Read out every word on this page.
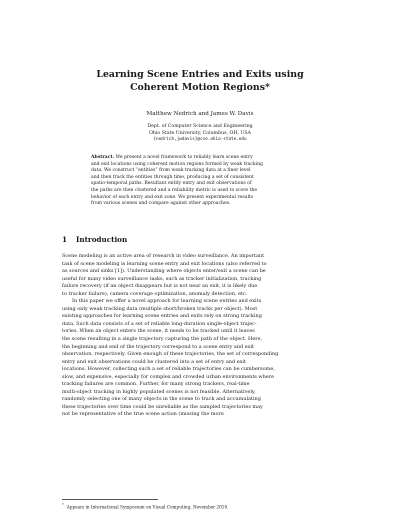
Learning Scene Entries and Exits using
Coherent Motion Regions*
Matthew Nedrich and James W. Davis
Dept. of Computer Science and Engineering
Ohio State University, Columbus, OH, USA
{nedrich,jwdavis}@cse.ohio-state.edu
Abstract. We present a novel framework to reliably learn scene entry
and exit locations using coherent motion regions formed by weak tracking
data. We construct “entities” from weak tracking data at a finer level
and then track the entities through time, producing a set of consistent
spatio-temporal paths. Resultant entity entry and exit observations of
the paths are then clustered and a reliability metric is used to score the
behavior of each entry and exit zone. We present experimental results
from various scenes and compare against other approaches.
1 Introduction

Scene modeling is an active area of research in video surveillance. An important
task of scene modeling is learning scene entry and exit locations (also referred to
as sources and sinks [1]). Understanding where objects enter/exit a scene can be
useful for many video surveillance tasks, such as tracker initialization, tracking
failure recovery (if an object disappears but is not near an exit, it is likely due
to tracker failure), camera coverage optimization, anomaly detection, etc.

In this paper we offer a novel approach for learning scene entries and exits
using only weak tracking data (multiple short/broken tracks per object). Most
existing approaches for learning scene entries and exits rely on strong tracking
data. Such data consists of a set of reliable long-duration single-object trajec-
tories. When an object enters the scene, it needs to be tracked until it leaves
the scene resulting in a single trajectory capturing the path of the object. Here,
the beginning and end of the trajectory correspond to a scene entry and exit
observation, respectively. Given enough of these trajectories, the set of corresponding
entry and exit observations could be clustered into a set of entry and exit
locations. However, collecting such a set of reliable trajectories can be cumbersome,
slow, and expensive, especially for complex and crowded urban environments where
tracking failures are common. Further, for many strong trackers, real-time
multi-object tracking in highly populated scenes is not feasible. Alternatively,
randomly selecting one of many objects in the scene to track and accumulating
these trajectories over time could be unreliable as the sampled trajectories may
not be representative of the true scene action (missing the more

* Appears in International Symposium on Visual Computing, November 2010.
